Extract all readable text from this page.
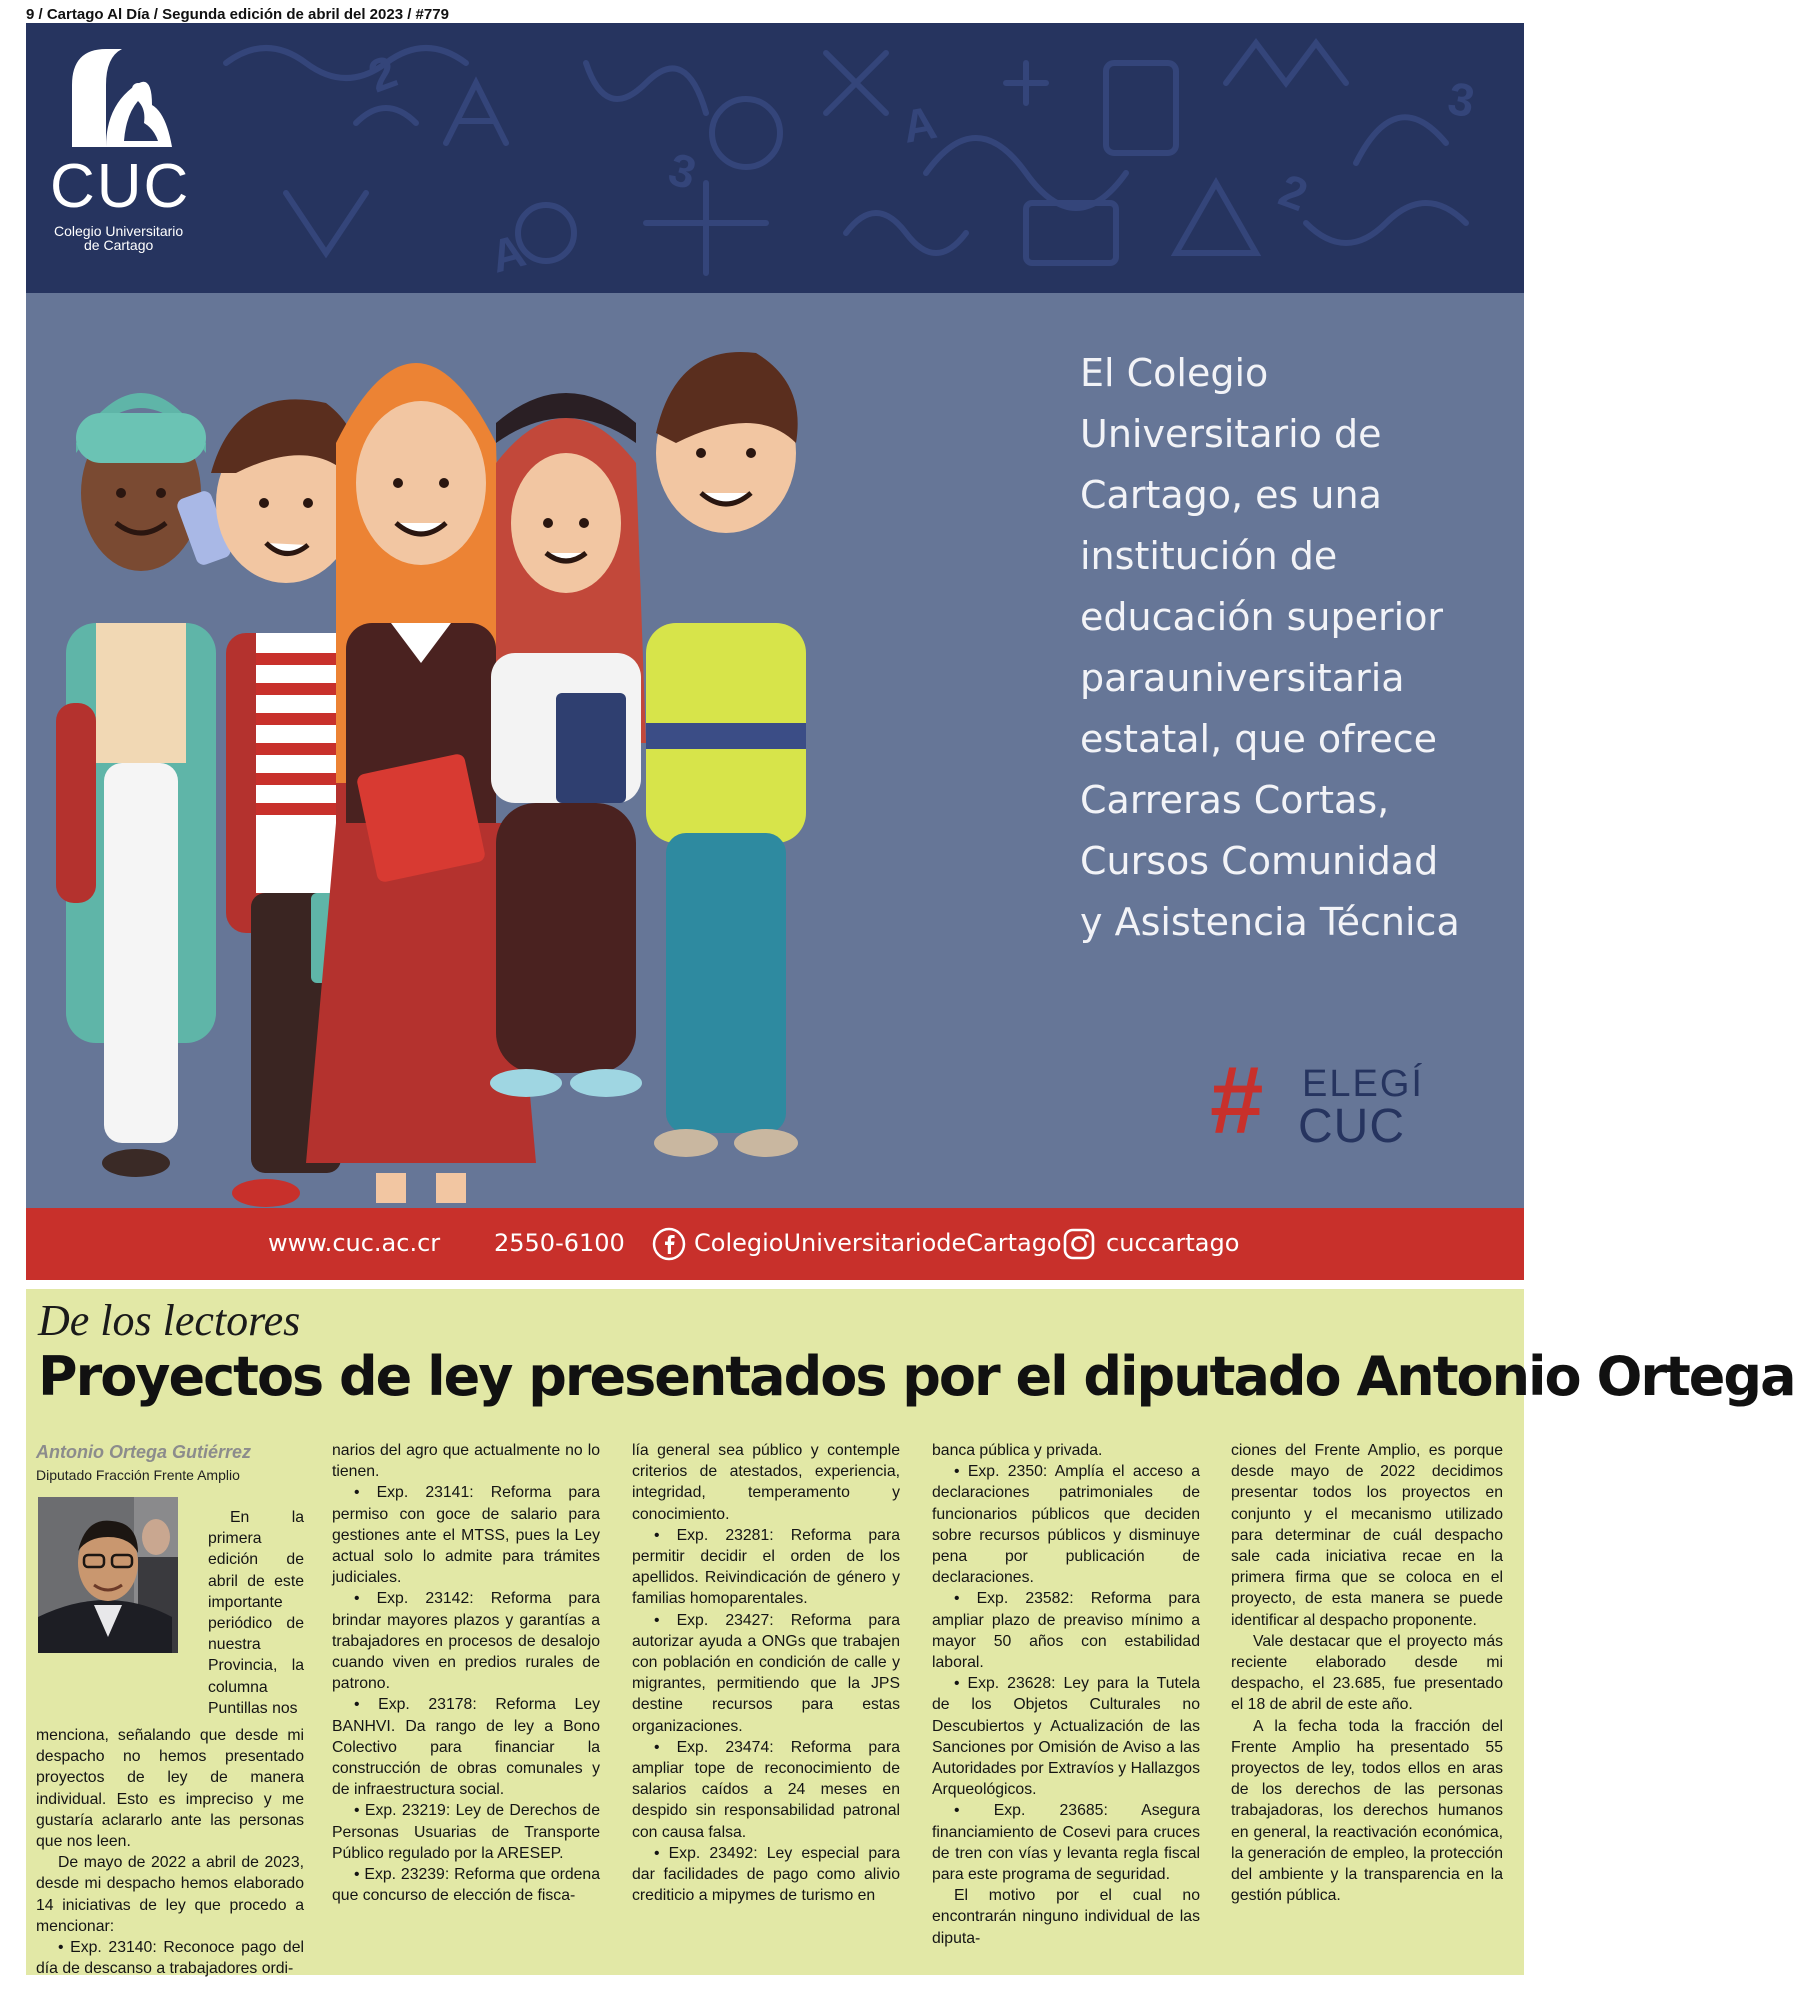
9 / Cartago Al Día / Segunda edición de abril del 2023 / #779
2
3
A
2
A
3
CUC
Colegio Universitario
de Cartago
El Colegio
Universitario de
Cartago, es una
institución de
educación superior
parauniversitaria
estatal, que ofrece
Carreras Cortas,
Cursos Comunidad
y Asistencia Técnica
# ELEGÍ
CUC
www.cuc.ac.cr 2550-6100	ColegioUniversitariodeCartago cuccartago
De los lectores
Proyectos de ley presentados por el diputado Antonio Ortega
Antonio Ortega Gutiérrez
Diputado Fracción Frente Amplio

En la primera edición de abril de este importante periódico de nuestra Provincia, la columna Puntillas nos

menciona, señalando que desde mi despacho no hemos presentado proyectos de ley de manera individual. Esto es impreciso y me gustaría aclararlo ante las personas que nos leen.

De mayo de 2022 a abril de 2023, desde mi despacho hemos elaborado 14 iniciativas de ley que procedo a mencionar:

• Exp. 23140: Reconoce pago del día de descanso a trabajadores ordi-

narios del agro que actualmente no lo tienen.

• Exp. 23141: Reforma para permiso con goce de salario para gestiones ante el MTSS, pues la Ley actual solo lo admite para trámites judiciales.

• Exp. 23142: Reforma para brindar mayores plazos y garantías a trabajadores en procesos de desalojo cuando viven en predios rurales de patrono.

• Exp. 23178: Reforma Ley BANHVI. Da rango de ley a Bono Colectivo para financiar la construcción de obras comunales y de infraestructura social.

• Exp. 23219: Ley de Derechos de Personas Usuarias de Transporte Público regulado por la ARESEP.

• Exp. 23239: Reforma que ordena que concurso de elección de fisca-

lía general sea público y contemple criterios de atestados, experiencia, integridad, temperamento y conocimiento.

• Exp. 23281: Reforma para permitir decidir el orden de los apellidos. Reivindicación de género y familias homoparentales.

• Exp. 23427: Reforma para autorizar ayuda a ONGs que trabajen con población en condición de calle y migrantes, permitiendo que la JPS destine recursos para estas organizaciones.

• Exp. 23474: Reforma para ampliar tope de reconocimiento de salarios caídos a 24 meses en despido sin responsabilidad patronal con causa falsa.

• Exp. 23492: Ley especial para dar facilidades de pago como alivio crediticio a mipymes de turismo en

banca pública y privada.

• Exp. 2350: Amplía el acceso a declaraciones patrimoniales de funcionarios públicos que deciden sobre recursos públicos y disminuye pena por publicación de declaraciones.

• Exp. 23582: Reforma para ampliar plazo de preaviso mínimo a mayor 50 años con estabilidad laboral.

• Exp. 23628: Ley para la Tutela de los Objetos Culturales no Descubiertos y Actualización de las Sanciones por Omisión de Aviso a las Autoridades por Extravíos y Hallazgos Arqueológicos.

• Exp. 23685: Asegura financiamiento de Cosevi para cruces de tren con vías y levanta regla fiscal para este programa de seguridad.

El motivo por el cual no encontrarán ninguno individual de las diputa-

ciones del Frente Amplio, es porque desde mayo de 2022 decidimos presentar todos los proyectos en conjunto y el mecanismo utilizado para determinar de cuál despacho sale cada iniciativa recae en la primera firma que se coloca en el proyecto, de esta manera se puede identificar al despacho proponente.

Vale destacar que el proyecto más reciente elaborado desde mi despacho, el 23.685, fue presentado el 18 de abril de este año.

A la fecha toda la fracción del Frente Amplio ha presentado 55 proyectos de ley, todos ellos en aras de los derechos de las personas trabajadoras, los derechos humanos en general, la reactivación económica, la generación de empleo, la protección del ambiente y la transparencia en la gestión pública.
